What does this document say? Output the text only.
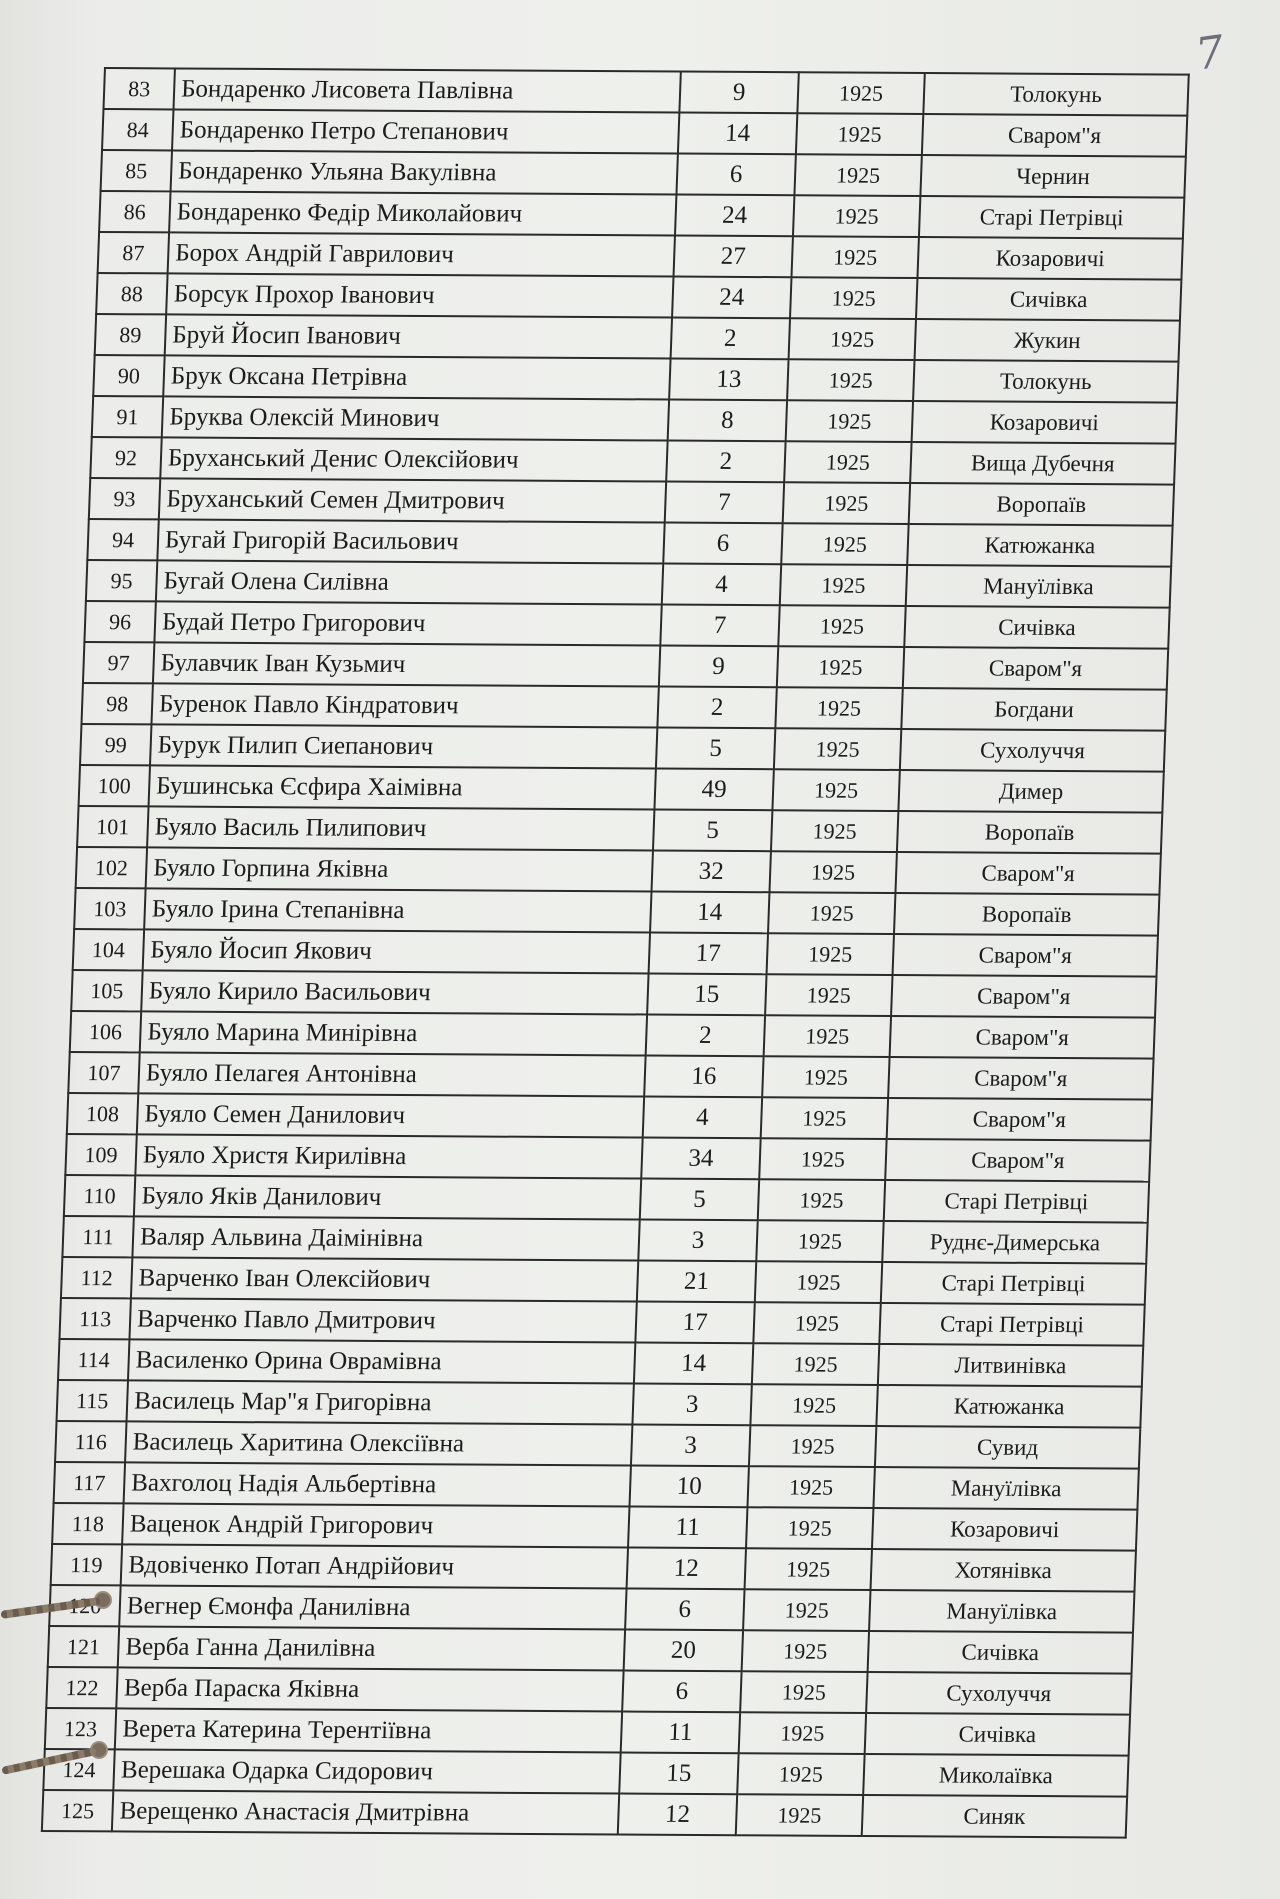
7
83	Бондаренко Лисовета Павлівна	9	1925	Толокунь
84	Бондаренко Петро Степанович	14	1925	Сваром"я
85	Бондаренко Ульяна Вакулівна	6	1925	Чернин
86	Бондаренко Федір Миколайович	24	1925	Старі Петрівці
87	Борох Андрій Гаврилович	27	1925	Козаровичі
88	Борсук Прохор Іванович	24	1925	Сичівка
89	Бруй Йосип Іванович	2	1925	Жукин
90	Брук Оксана Петрівна	13	1925	Толокунь
91	Бруква Олексій Минович	8	1925	Козаровичі
92	Бруханський Денис Олексійович	2	1925	Вища Дубечня
93	Бруханський Семен Дмитрович	7	1925	Воропаїв
94	Бугай Григорій Васильович	6	1925	Катюжанка
95	Бугай Олена Силівна	4	1925	Мануїлівка
96	Будай Петро Григорович	7	1925	Сичівка
97	Булавчик Іван Кузьмич	9	1925	Сваром"я
98	Буренок Павло Кіндратович	2	1925	Богдани
99	Бурук Пилип Сиепанович	5	1925	Сухолуччя
100	Бушинська Єсфира Хаімівна	49	1925	Димер
101	Буяло Василь Пилипович	5	1925	Воропаїв
102	Буяло Горпина Яківна	32	1925	Сваром"я
103	Буяло Ірина Степанівна	14	1925	Воропаїв
104	Буяло Йосип Якович	17	1925	Сваром"я
105	Буяло Кирило Васильович	15	1925	Сваром"я
106	Буяло Марина Минірівна	2	1925	Сваром"я
107	Буяло Пелагея Антонівна	16	1925	Сваром"я
108	Буяло Семен Данилович	4	1925	Сваром"я
109	Буяло Христя Кирилівна	34	1925	Сваром"я
110	Буяло Яків Данилович	5	1925	Старі Петрівці
111	Валяр Альвина Даімінівна	3	1925	Руднє-Димерська
112	Варченко Іван Олексійович	21	1925	Старі Петрівці
113	Варченко Павло Дмитрович	17	1925	Старі Петрівці
114	Василенко Орина Оврамівна	14	1925	Литвинівка
115	Василець Мар"я Григорівна	3	1925	Катюжанка
116	Василець Харитина Олексіївна	3	1925	Сувид
117	Вахголоц Надія Альбертівна	10	1925	Мануїлівка
118	Ваценок Андрій Григорович	11	1925	Козаровичі
119	Вдовіченко Потап Андрійович	12	1925	Хотянівка
	Вегнер Ємонфа Данилівна	6	1925	Мануїлівка
121	Верба Ганна Данилівна	20	1925	Сичівка
122	Верба Параска Яківна	6	1925	Сухолуччя
123	Верета Катерина Терентіївна	11	1925	Сичівка
124	Верешака Одарка Сидорович	15	1925	Миколаївка
125	Верещенко Анастасія Дмитрівна	12	1925	Синяк
